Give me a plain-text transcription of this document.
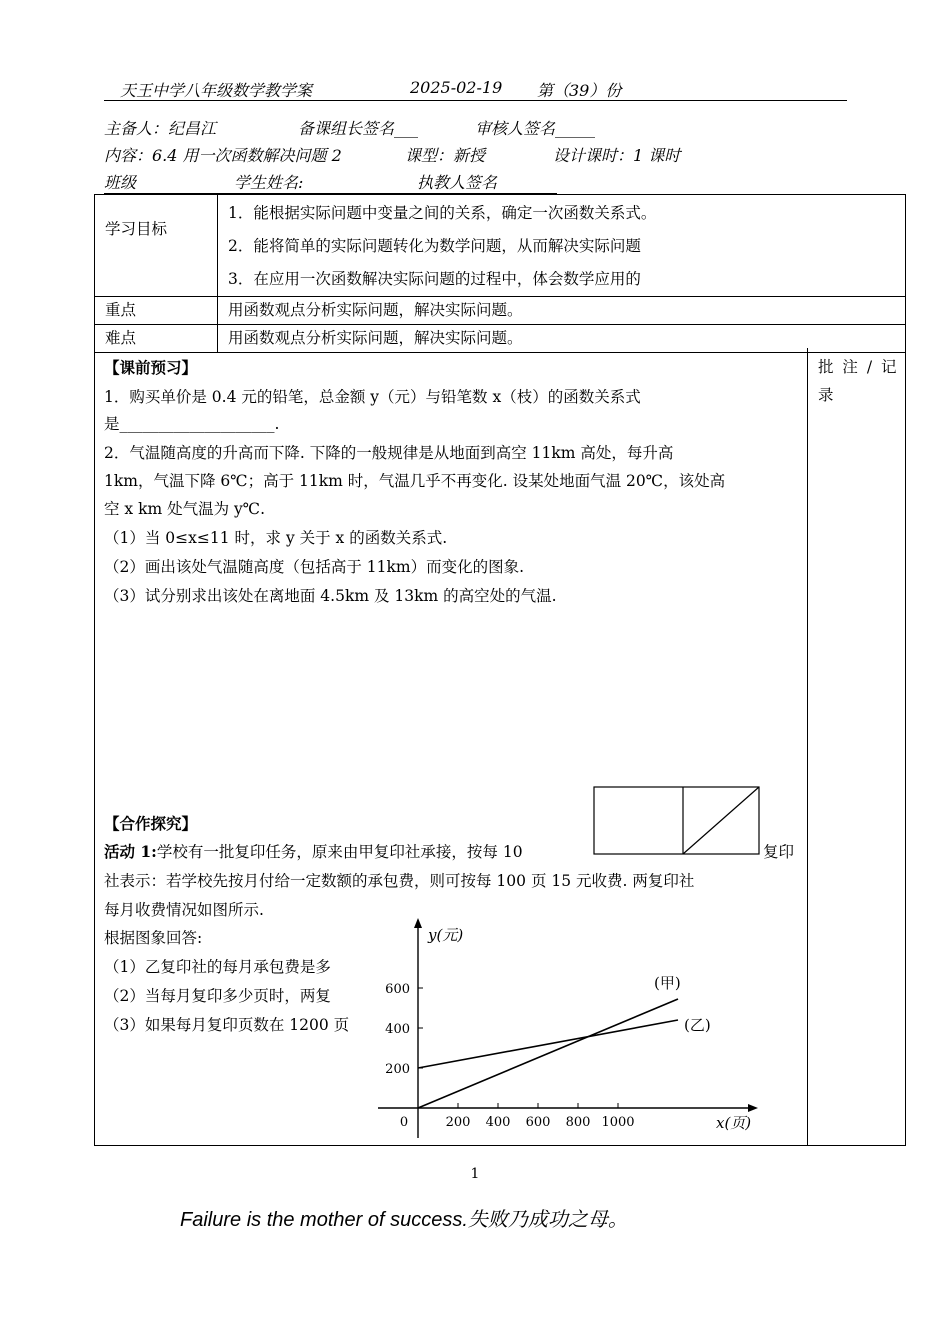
天王中学八年级数学教学案	2025-02-19 第（39）份
主备人：纪昌江	备课组长签名___	审核人签名_____
内容：6.4 用一次函数解决问题 2	课型：新授	设计课时：1 课时
班级	学生姓名:	执教人签名
学习目标	1．能根据实际问题中变量之间的关系，确定一次函数关系式。
2．能将简单的实际问题转化为数学问题，从而解决实际问题
3．在应用一次函数解决实际问题的过程中，体会数学应用的

重点	用函数观点分析实际问题，解决实际问题。
难点	用函数观点分析实际问题，解决实际问题。
批 注 / 记 录
【课前预习】
1．购买单价是 0.4 元的铅笔，总金额 y（元）与铅笔数 x（枝）的函数关系式
是____________________.
2．气温随高度的升高而下降. 下降的一般规律是从地面到高空 11km 高处，每升高
1km，气温下降 6℃；高于 11km 时，气温几乎不再变化. 设某处地面气温 20℃，该处高
空 x km 处气温为 y℃.
（1）当 0≤x≤11 时，求 y 关于 x 的函数关系式.
（2）画出该处气温随高度（包括高于 11km）而变化的图象.
（3）试分别求出该处在离地面 4.5km 及 13km 的高空处的气温.
【合作探究】
活动 1:学校有一批复印任务，原来由甲复印社承接，按每 10	复印
社表示：若学校先按月付给一定数额的承包费，则可按每 100 页 15 元收费. 两复印社
每月收费情况如图所示.
根据图象回答:
（1）乙复印社的每月承包费是多
（2）当每月复印多少页时，两复
（3）如果每月复印页数在 1200 页
0	200 400 600 800 1000
200
400
600
y(元)
x(页)
(甲)
(乙)
1
Failure is the mother of success.失败乃成功之母。
